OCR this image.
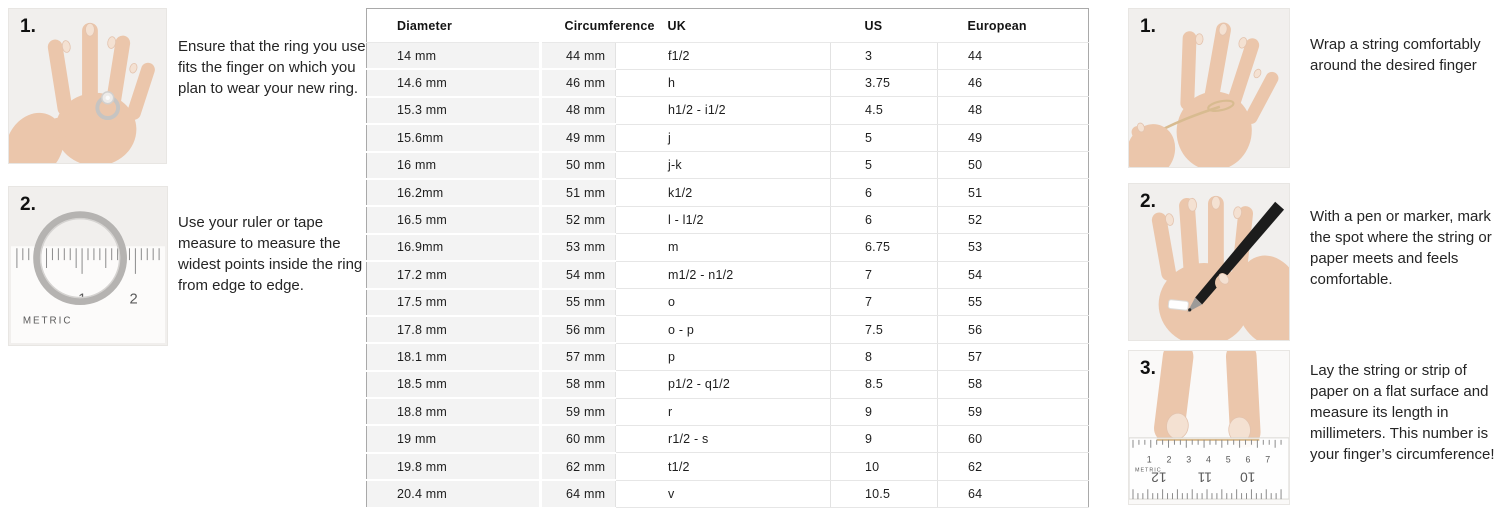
1.
Ensure that the ring you use fits the finger on which you plan to wear your new ring.
2.
1	2
METRIC
Use your ruler or tape measure to measure the widest points inside the ring from edge to edge.
Diameter	Circumference	UK	US	European
14 mm	44 mm	f1/2	3	44
14.6 mm	46 mm	h	3.75	46
15.3 mm	48 mm	h1/2 - i1/2	4.5	48
15.6mm	49 mm	j	5	49
16 mm	50 mm	j-k	5	50
16.2mm	51 mm	k1/2	6	51
16.5 mm	52 mm	l - l1/2	6	52
16.9mm	53 mm	m	6.75	53
17.2 mm	54 mm	m1/2 - n1/2	7	54
17.5 mm	55 mm	o	7	55
17.8 mm	56 mm	o - p	7.5	56
18.1 mm	57 mm	p	8	57
18.5 mm	58 mm	p1/2 - q1/2	8.5	58
18.8 mm	59 mm	r	9	59
19 mm	60 mm	r1/2 - s	9	60
19.8 mm	62 mm	t1/2	10	62
20.4 mm	64 mm	v	10.5	64
1.
Wrap a string comfortably around the desired finger
2.
With a pen or marker, mark the spot where the string or paper meets and feels comfortable.
3.
1 2 3 4 5 6 7
METRIC
12 11 10
Lay the string or strip of paper on a flat surface and measure its length in millimeters. This number is your finger’s circumference!
